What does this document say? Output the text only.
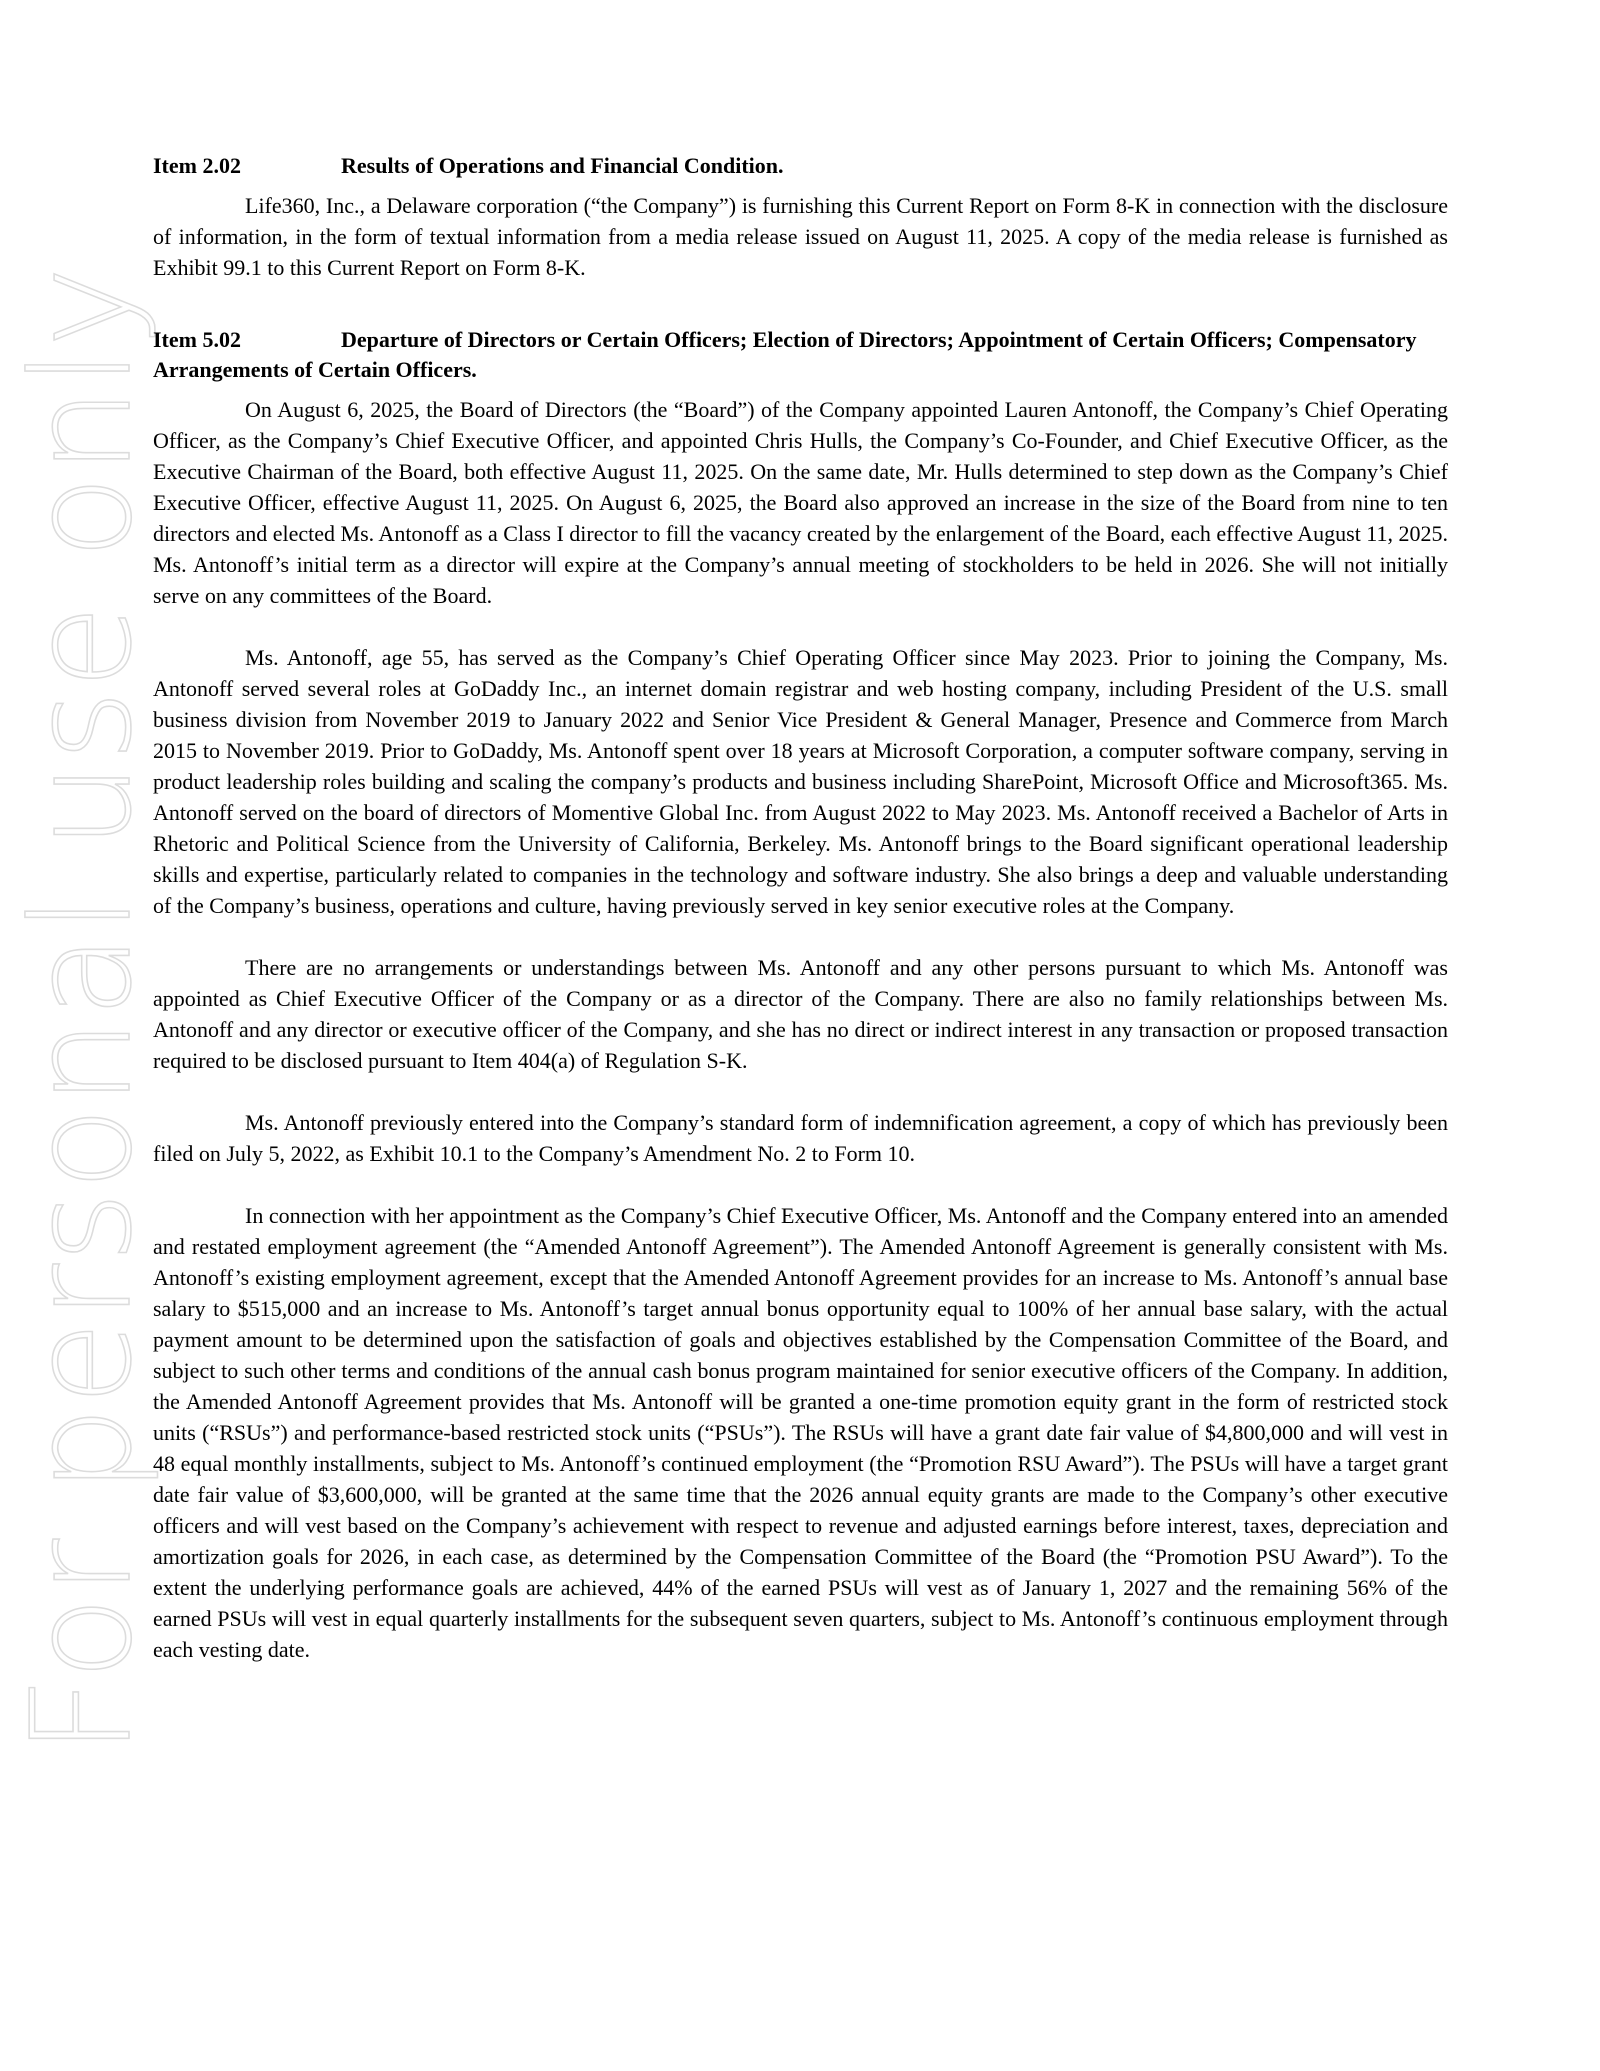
For personal use only
Item 2.02	Results of Operations and Financial Condition.

Life360, Inc., a Delaware corporation (“the Company”) is furnishing this Current Report on Form 8-K in connection with the disclosure of information, in the form of textual information from a media release issued on August 11, 2025. A copy of the media release is furnished as Exhibit 99.1 to this Current Report on Form 8-K.

Item 5.02	Departure of Directors or Certain Officers; Election of Directors; Appointment of Certain Officers; Compensatory Arrangements of Certain Officers.

On August 6, 2025, the Board of Directors (the “Board”) of the Company appointed Lauren Antonoff, the Company’s Chief Operating Officer, as the Company’s Chief Executive Officer, and appointed Chris Hulls, the Company’s Co-Founder, and Chief Executive Officer, as the Executive Chairman of the Board, both effective August 11, 2025. On the same date, Mr. Hulls determined to step down as the Company’s Chief Executive Officer, effective August 11, 2025. On August 6, 2025, the Board also approved an increase in the size of the Board from nine to ten directors and elected Ms. Antonoff as a Class I director to fill the vacancy created by the enlargement of the Board, each effective August 11, 2025. Ms. Antonoff’s initial term as a director will expire at the Company’s annual meeting of stockholders to be held in 2026. She will not initially serve on any committees of the Board.

Ms. Antonoff, age 55, has served as the Company’s Chief Operating Officer since May 2023. Prior to joining the Company, Ms. Antonoff served several roles at GoDaddy Inc., an internet domain registrar and web hosting company, including President of the U.S. small business division from November 2019 to January 2022 and Senior Vice President & General Manager, Presence and Commerce from March 2015 to November 2019. Prior to GoDaddy, Ms. Antonoff spent over 18 years at Microsoft Corporation, a computer software company, serving in product leadership roles building and scaling the company’s products and business including SharePoint, Microsoft Office and Microsoft365. Ms. Antonoff served on the board of directors of Momentive Global Inc. from August 2022 to May 2023. Ms. Antonoff received a Bachelor of Arts in Rhetoric and Political Science from the University of California, Berkeley. Ms. Antonoff brings to the Board significant operational leadership skills and expertise, particularly related to companies in the technology and software industry. She also brings a deep and valuable understanding of the Company’s business, operations and culture, having previously served in key senior executive roles at the Company.

There are no arrangements or understandings between Ms. Antonoff and any other persons pursuant to which Ms. Antonoff was appointed as Chief Executive Officer of the Company or as a director of the Company. There are also no family relationships between Ms. Antonoff and any director or executive officer of the Company, and she has no direct or indirect interest in any transaction or proposed transaction required to be disclosed pursuant to Item 404(a) of Regulation S-K.

Ms. Antonoff previously entered into the Company’s standard form of indemnification agreement, a copy of which has previously been filed on July 5, 2022, as Exhibit 10.1 to the Company’s Amendment No. 2 to Form 10.

In connection with her appointment as the Company’s Chief Executive Officer, Ms. Antonoff and the Company entered into an amended and restated employment agreement (the “Amended Antonoff Agreement”). The Amended Antonoff Agreement is generally consistent with Ms. Antonoff’s existing employment agreement, except that the Amended Antonoff Agreement provides for an increase to Ms. Antonoff’s annual base salary to $515,000 and an increase to Ms. Antonoff’s target annual bonus opportunity equal to 100% of her annual base salary, with the actual payment amount to be determined upon the satisfaction of goals and objectives established by the Compensation Committee of the Board, and subject to such other terms and conditions of the annual cash bonus program maintained for senior executive officers of the Company. In addition, the Amended Antonoff Agreement provides that Ms. Antonoff will be granted a one-time promotion equity grant in the form of restricted stock units (“RSUs”) and performance-based restricted stock units (“PSUs”). The RSUs will have a grant date fair value of $4,800,000 and will vest in 48 equal monthly installments, subject to Ms. Antonoff’s continued employment (the “Promotion RSU Award”). The PSUs will have a target grant date fair value of $3,600,000, will be granted at the same time that the 2026 annual equity grants are made to the Company’s other executive officers and will vest based on the Company’s achievement with respect to revenue and adjusted earnings before interest, taxes, depreciation and amortization goals for 2026, in each case, as determined by the Compensation Committee of the Board (the “Promotion PSU Award”). To the extent the underlying performance goals are achieved, 44% of the earned PSUs will vest as of January 1, 2027 and the remaining 56% of the earned PSUs will vest in equal quarterly installments for the subsequent seven quarters, subject to Ms. Antonoff’s continuous employment through each vesting date.
